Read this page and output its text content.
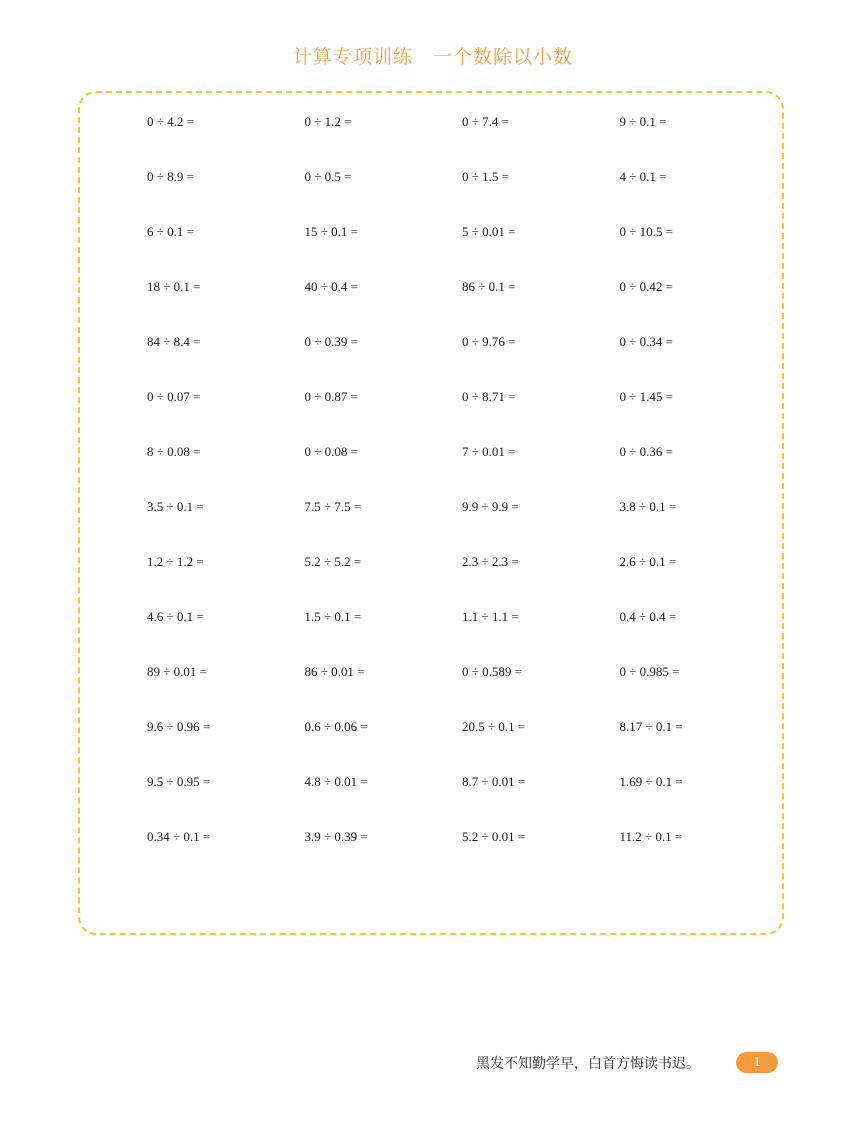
计算专项训练　一个数除以小数
0 ÷ 4.2 =	0 ÷ 1.2 =	0 ÷ 7.4 =	9 ÷ 0.1 =
0 ÷ 8.9 =	0 ÷ 0.5 =	0 ÷ 1.5 =	4 ÷ 0.1 =
6 ÷ 0.1 =	15 ÷ 0.1 =	5 ÷ 0.01 =	0 ÷ 10.5 =
18 ÷ 0.1 =	40 ÷ 0.4 =	86 ÷ 0.1 =	0 ÷ 0.42 =
84 ÷ 8.4 =	0 ÷ 0.39 =	0 ÷ 9.76 =	0 ÷ 0.34 =
0 ÷ 0.07 =	0 ÷ 0.87 =	0 ÷ 8.71 =	0 ÷ 1.45 =
8 ÷ 0.08 =	0 ÷ 0.08 =	7 ÷ 0.01 =	0 ÷ 0.36 =
3.5 ÷ 0.1 =	7.5 ÷ 7.5 =	9.9 ÷ 9.9 =	3.8 ÷ 0.1 =
1.2 ÷ 1.2 =	5.2 ÷ 5.2 =	2.3 ÷ 2.3 =	2.6 ÷ 0.1 =
4.6 ÷ 0.1 =	1.5 ÷ 0.1 =	1.1 ÷ 1.1 =	0.4 ÷ 0.4 =
89 ÷ 0.01 =	86 ÷ 0.01 =	0 ÷ 0.589 =	0 ÷ 0.985 =
9.6 ÷ 0.96 =	0.6 ÷ 0.06 =	20.5 ÷ 0.1 =	8.17 ÷ 0.1 =
9.5 ÷ 0.95 =	4.8 ÷ 0.01 =	8.7 ÷ 0.01 =	1.69 ÷ 0.1 =
0.34 ÷ 0.1 =	3.9 ÷ 0.39 =	5.2 ÷ 0.01 =	11.2 ÷ 0.1 =
黑发不知勤学早，白首方悔读书迟。	1
